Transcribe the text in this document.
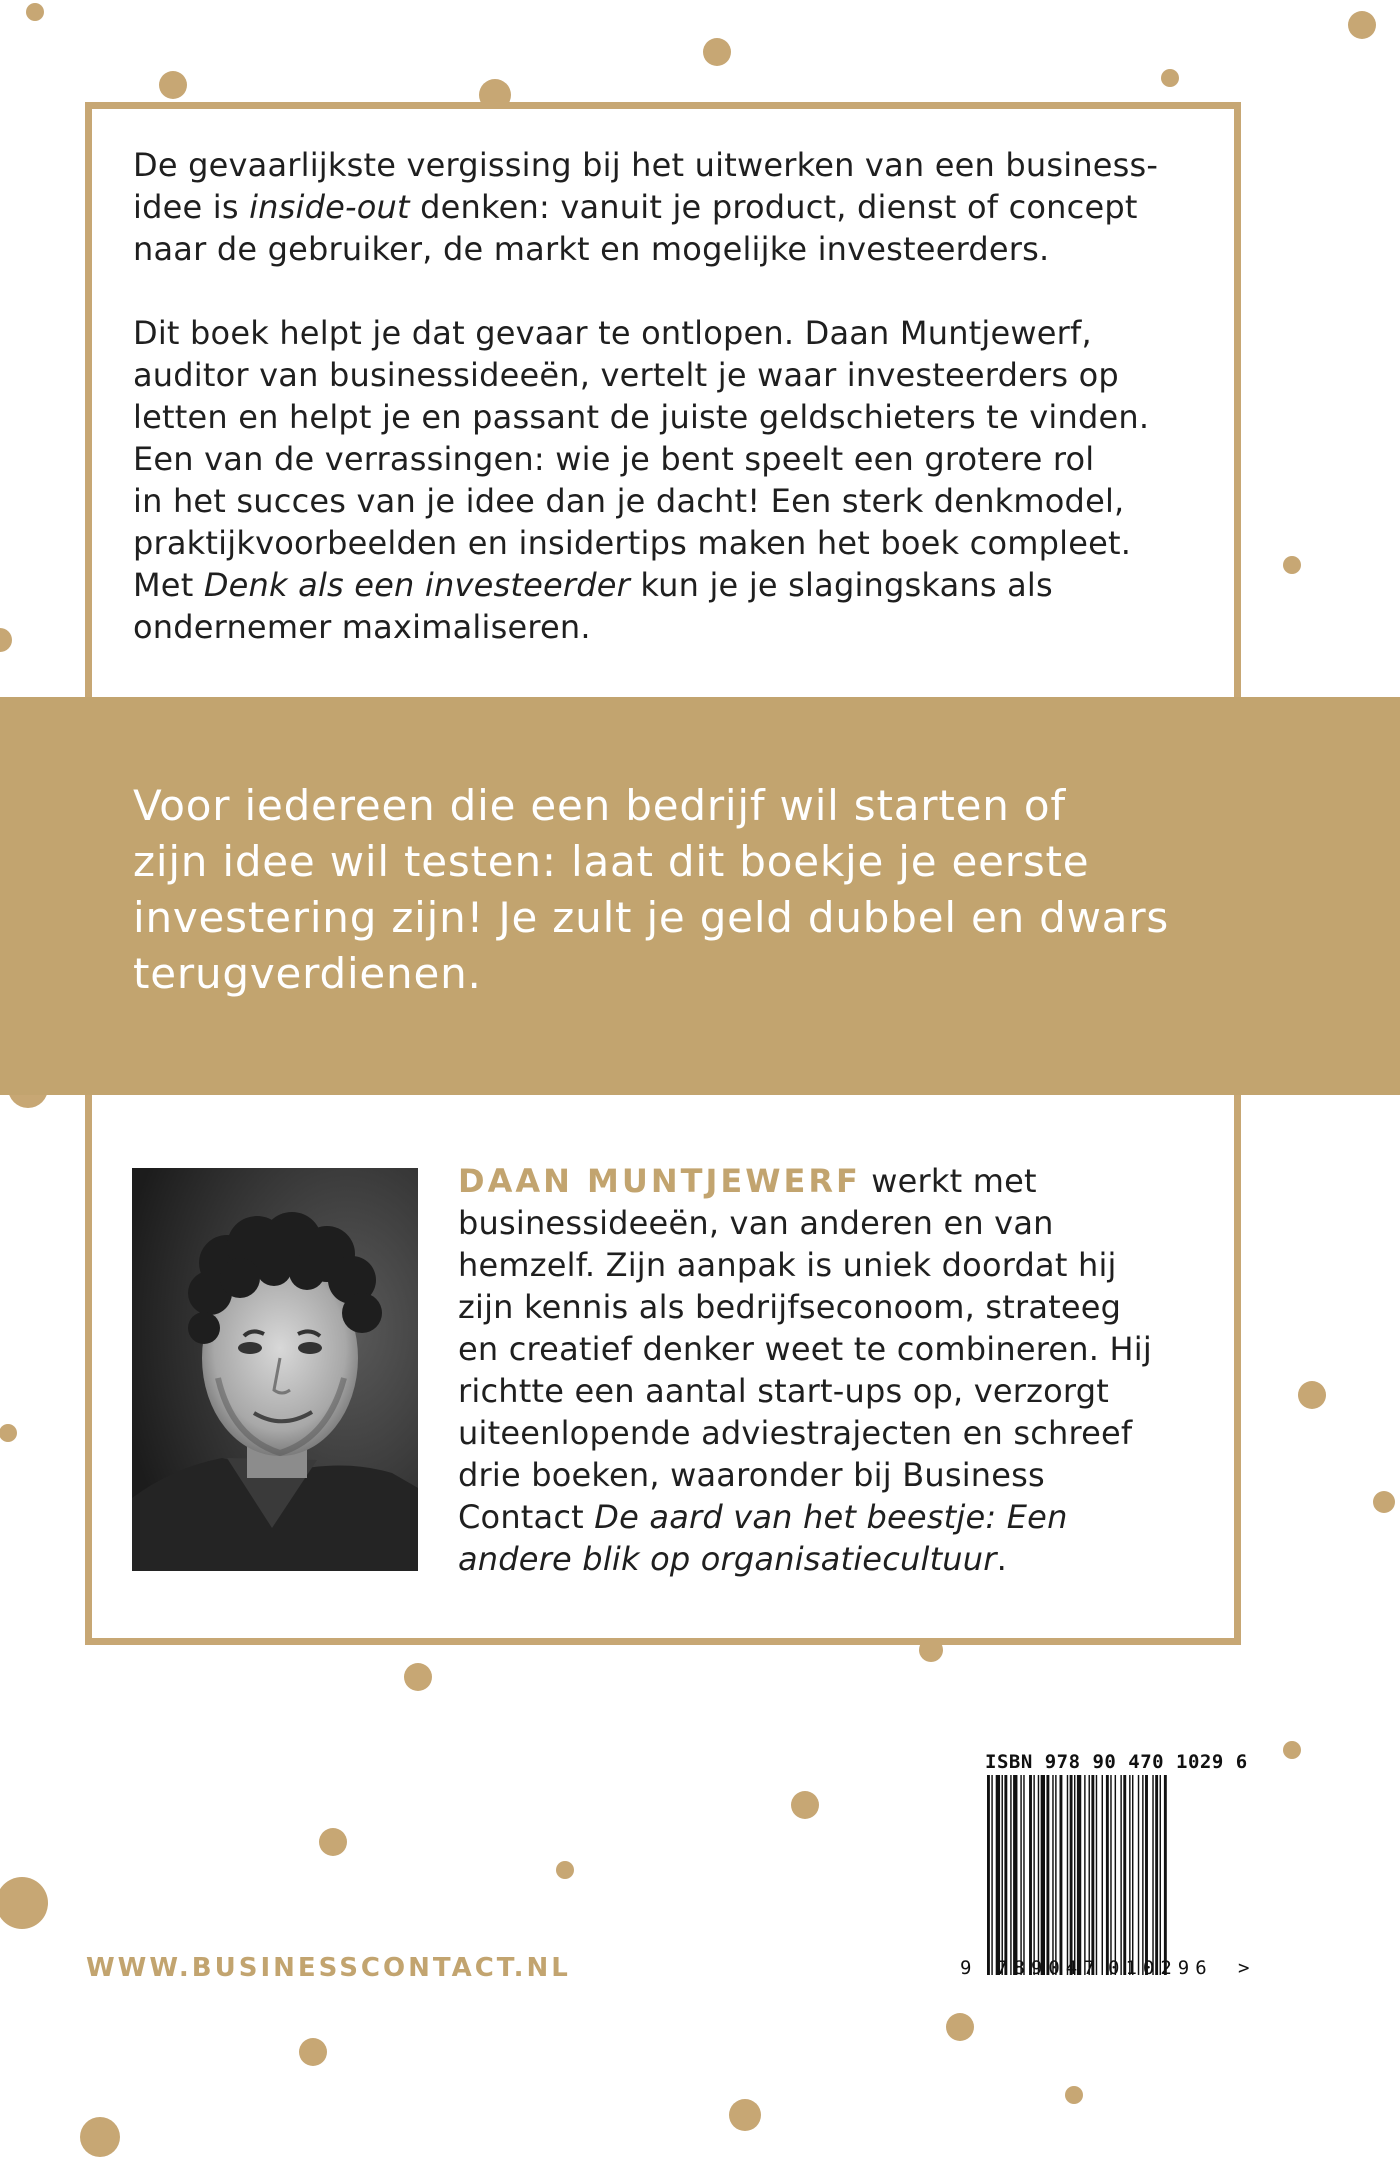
De gevaarlijkste vergissing bij het uitwerken van een business-
idee is inside-out denken: vanuit je product, dienst of concept
naar de gebruiker, de markt en mogelijke investeerders.

Dit boek helpt je dat gevaar te ontlopen. Daan Muntjewerf,
auditor van businessideeën, vertelt je waar investeerders op
letten en helpt je en passant de juiste geldschieters te vinden.
Een van de verrassingen: wie je bent speelt een grotere rol
in het succes van je idee dan je dacht! Een sterk denkmodel,
praktijkvoorbeelden en insidertips maken het boek compleet.
Met Denk als een investeerder kun je je slagingskans als
ondernemer maximaliseren.

Voor iedereen die een bedrijf wil starten of
zijn idee wil testen: laat dit boekje je eerste
investering zijn! Je zult je geld dubbel en dwars
terugverdienen.
DAAN MUNTJEWERF werkt met
businessideeën, van anderen en van
hemzelf. Zijn aanpak is uniek doordat hij
zijn kennis als bedrijfseconoom, strateeg
en creatief denker weet te combineren. Hij
richtte een aantal start-ups op, verzorgt
uiteenlopende adviestrajecten en schreef
drie boeken, waaronder bij Business
Contact De aard van het beestje: Een
andere blik op organisatiecultuur.
WWW.BUSINESSCONTACT.NL
ISBN 978 90 470 1029 6
9 789047 010296 >
